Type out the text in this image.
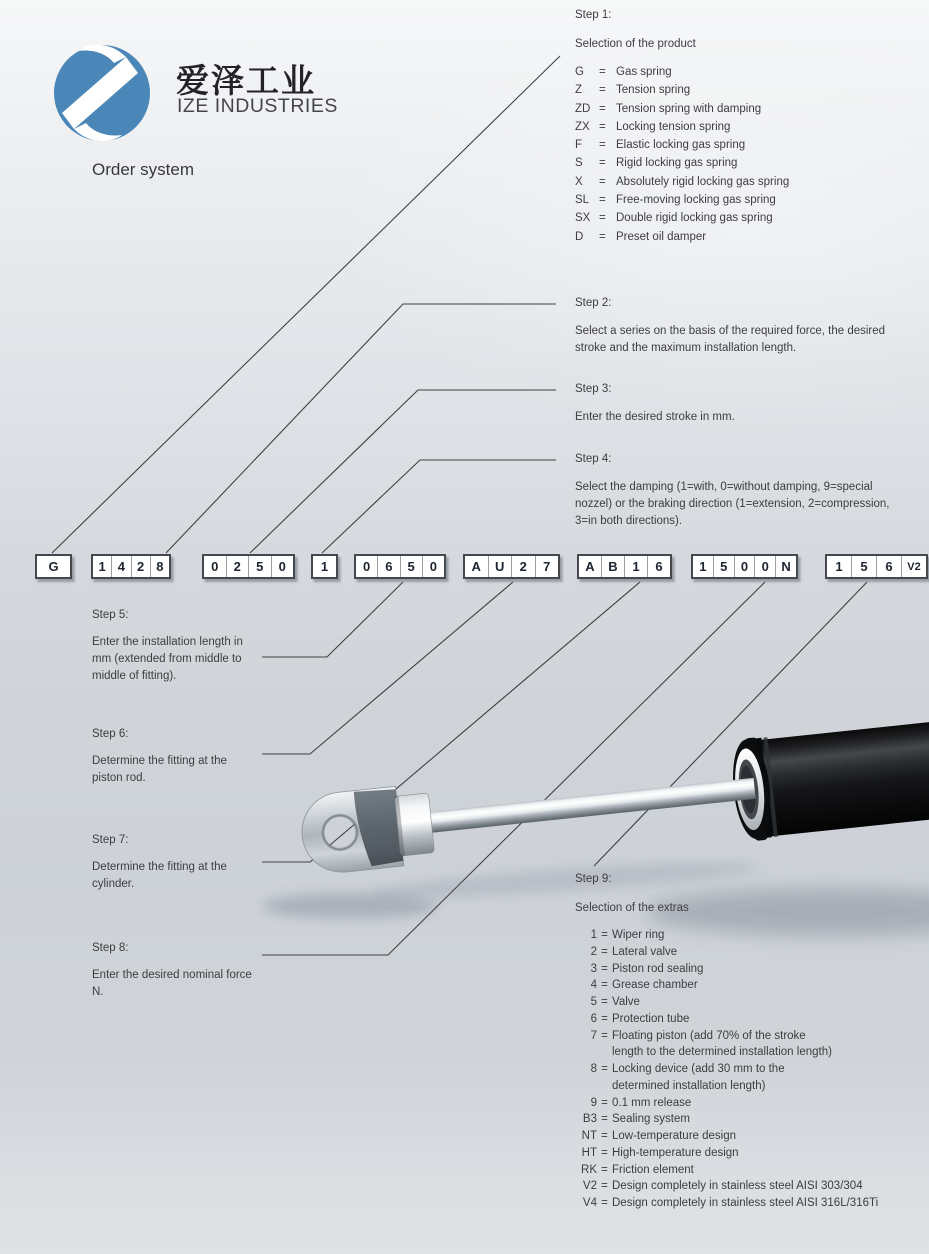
爱泽工业
IZE INDUSTRIES
Order system
Step 1:
Selection of the product
G	= Gas spring
Z	= Tension spring
ZD = Tension spring with damping
ZX = Locking tension spring
F	= Elastic locking gas spring
S	= Rigid locking gas spring
X	= Absolutely rigid locking gas spring
SL = Free-moving locking gas spring
SX = Double rigid locking gas spring
D	= Preset oil damper
Step 2:
Select a series on the basis of the required force, the desired stroke and the maximum installation length.
Step 3:
Enter the desired stroke in mm.
Step 4:
Select the damping (1=with, 0=without damping, 9=special nozzel) or the braking direction (1=extension, 2=compression, 3=in both directions).
Step 5:
Enter the installation length in mm (extended from middle to middle of fitting).
Step 6:
Determine the fitting at the piston rod.
Step 7:
Determine the fitting at the cylinder.
Step 8:
Enter the desired nominal force N.
Step 9:
Selection of the extras
1 = Wiper ring
2 = Lateral valve
3 = Piston rod sealing
4 = Grease chamber
5 = Valve
6 = Protection tube
7 = Floating piston (add 70% of the stroke
length to the determined installation length)
8 = Locking device (add 30 mm to the
determined installation length)
9 = 0.1 mm release
B3 = Sealing system
NT = Low-temperature design
HT = High-temperature design
RK = Friction element
V2 = Design completely in stainless steel AISI 303/304
V4 = Design completely in stainless steel AISI 316L/316Ti
G	1 4 2 8	0	2	5	0	1	0	6	5	0	A	U	2	7	A	B	1	6	1	5	0	0 N	1	5	6	V2
